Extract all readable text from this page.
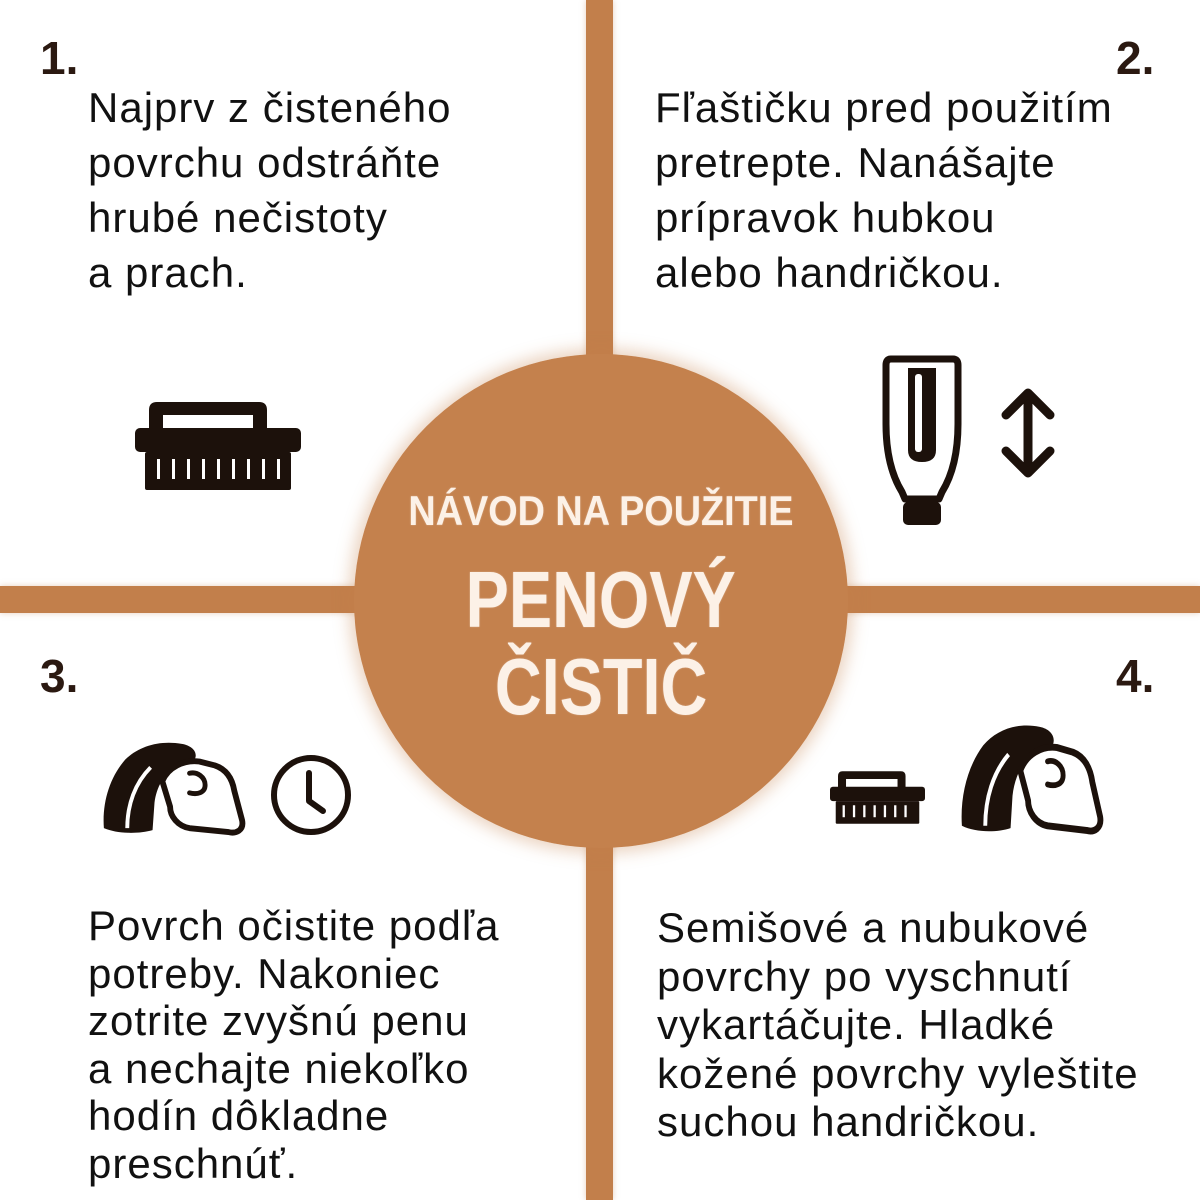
NÁVOD NA POUŽITIE
PENOVÝ
ČISTIČ
1.	2.
3.	4.
Najprv z čisteného
povrchu odstráňte
hrubé nečistoty
a prach.
Fľaštičku pred použitím
pretrepte. Nanášajte
prípravok hubkou
alebo handričkou.
Povrch očistite podľa
potreby. Nakoniec
zotrite zvyšnú penu
a nechajte niekoľko
hodín dôkladne
preschnúť.
Semišové a nubukové
povrchy po vyschnutí
vykartáčujte. Hladké
kožené povrchy vyleštite
suchou handričkou.
